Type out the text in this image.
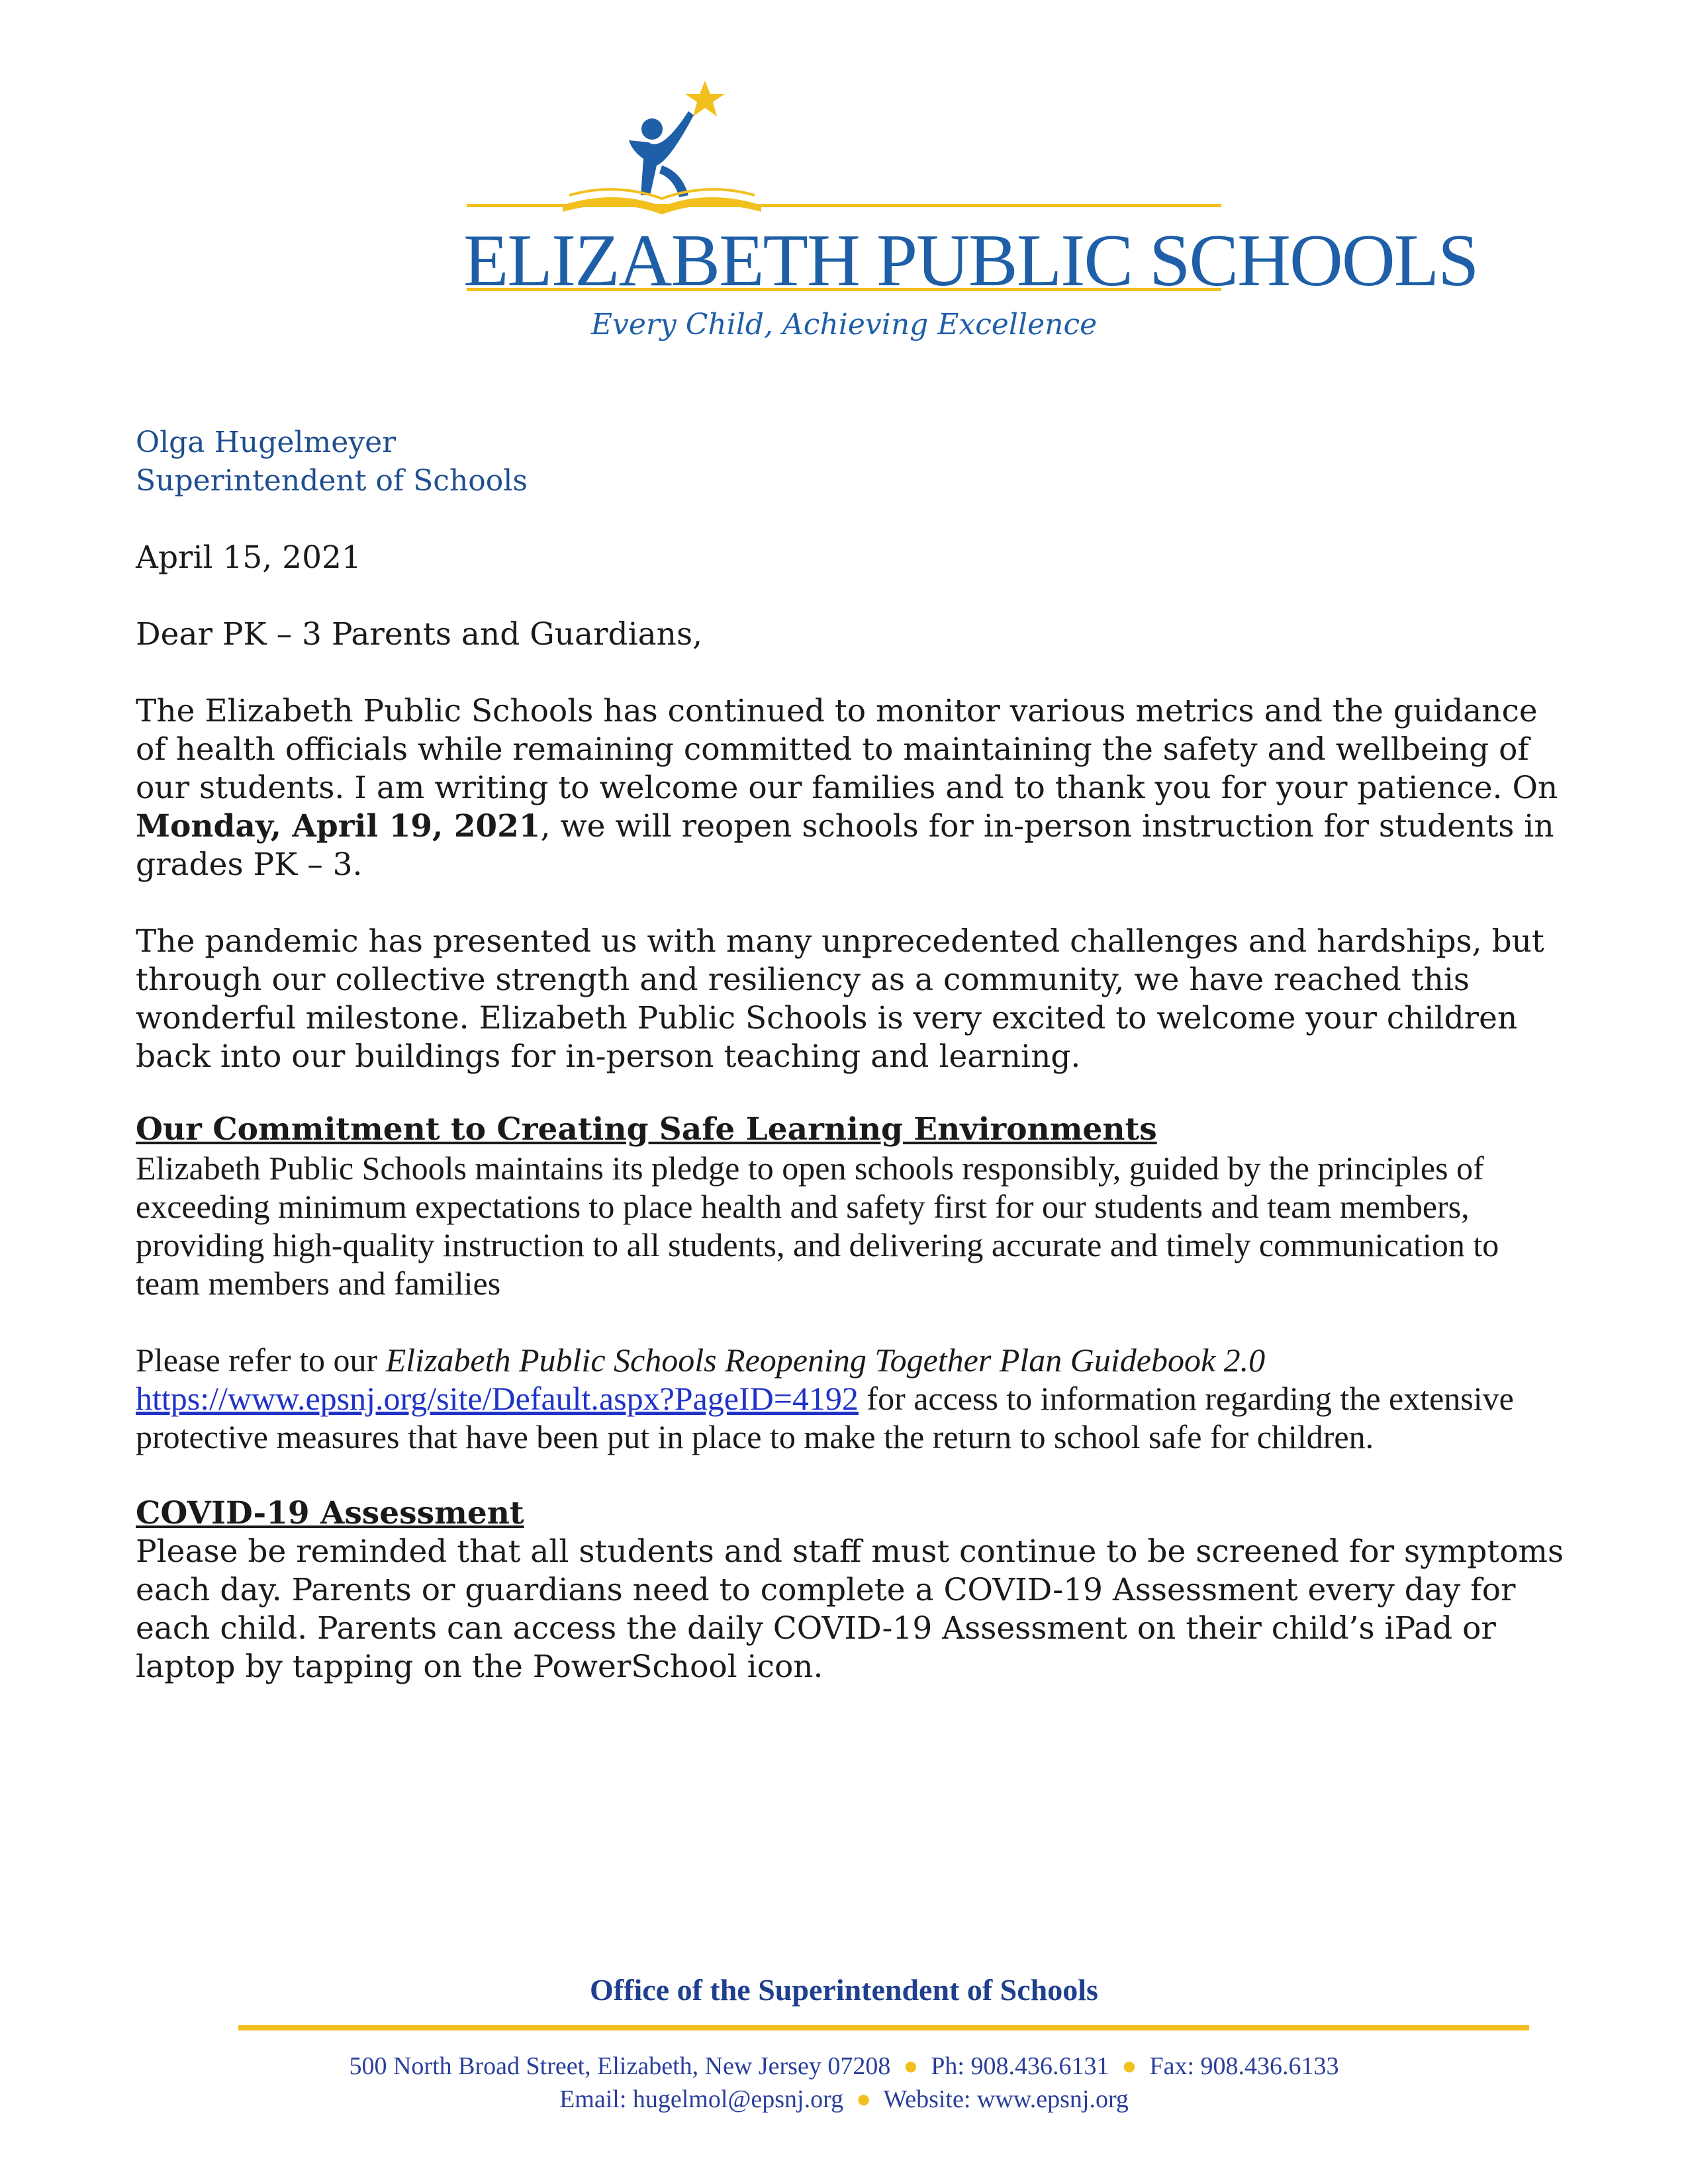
ELIZABETH PUBLIC SCHOOLS
Every Child, Achieving Excellence
Olga Hugelmeyer
Superintendent of Schools

April 15, 2021

Dear PK – 3 Parents and Guardians,

The Elizabeth Public Schools has continued to monitor various metrics and the guidance of health officials while remaining committed to maintaining the safety and wellbeing of our students. I am writing to welcome our families and to thank you for your patience. On Monday, April 19, 2021, we will reopen schools for in-person instruction for students in grades PK – 3.

The pandemic has presented us with many unprecedented challenges and hardships, but through our collective strength and resiliency as a community, we have reached this wonderful milestone. Elizabeth Public Schools is very excited to welcome your children back into our buildings for in-person teaching and learning.

Our Commitment to Creating Safe Learning Environments

Elizabeth Public Schools maintains its pledge to open schools responsibly, guided by the principles of exceeding minimum expectations to place health and safety first for our students and team members, providing high-quality instruction to all students, and delivering accurate and timely communication to team members and families

Please refer to our Elizabeth Public Schools Reopening Together Plan Guidebook 2.0
https://www.epsnj.org/site/Default.aspx?PageID=4192 for access to information regarding the extensive protective measures that have been put in place to make the return to school safe for children.

COVID-19 Assessment

Please be reminded that all students and staff must continue to be screened for symptoms each day. Parents or guardians need to complete a COVID-19 Assessment every day for each child. Parents can access the daily COVID-19 Assessment on their child’s iPad or laptop by tapping on the PowerSchool icon.

Office of the Superintendent of Schools
500 North Broad Street, Elizabeth, New Jersey 07208  ●  Ph: 908.436.6131  ●  Fax: 908.436.6133
Email: hugelmol@epsnj.org  ●  Website: www.epsnj.org
